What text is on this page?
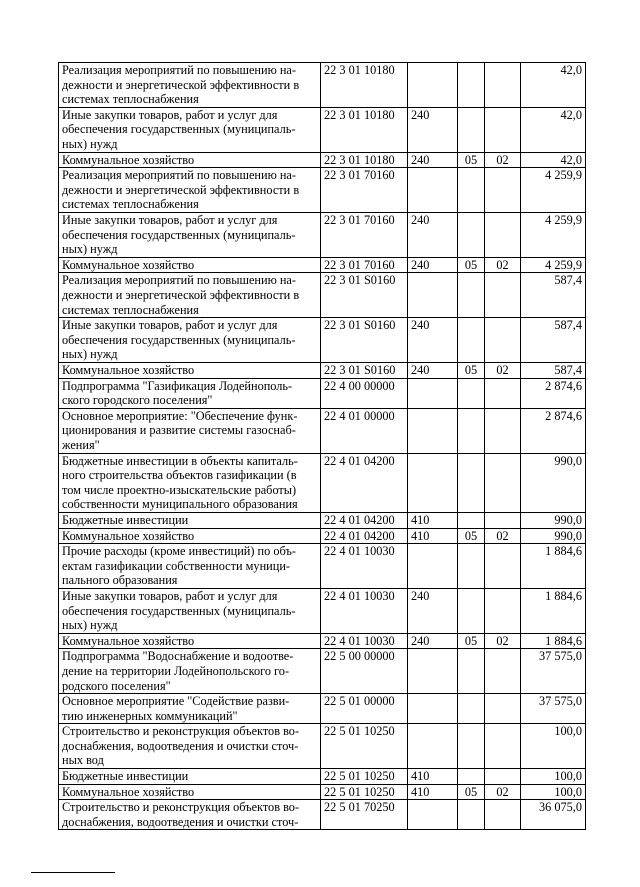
Реализация мероприятий по повышению на-
дежности и энергетической эффективности в
системах теплоснабжения	22 3 01 10180				42,0
Иные закупки товаров, работ и услуг для
обеспечения государственных (муниципаль-
ных) нужд	22 3 01 10180	240			42,0
Коммунальное хозяйство	22 3 01 10180	240	05	02	42,0
Реализация мероприятий по повышению на-
дежности и энергетической эффективности в
системах теплоснабжения	22 3 01 70160				4 259,9
Иные закупки товаров, работ и услуг для
обеспечения государственных (муниципаль-
ных) нужд	22 3 01 70160	240			4 259,9
Коммунальное хозяйство	22 3 01 70160	240	05	02	4 259,9
Реализация мероприятий по повышению на-
дежности и энергетической эффективности в
системах теплоснабжения	22 3 01 S0160				587,4
Иные закупки товаров, работ и услуг для
обеспечения государственных (муниципаль-
ных) нужд	22 3 01 S0160	240			587,4
Коммунальное хозяйство	22 3 01 S0160	240	05	02	587,4
Подпрограмма "Газификация Лодейнополь-
ского городского поселения"	22 4 00 00000				2 874,6
Основное мероприятие: "Обеспечение функ-
ционирования и развитие системы газоснаб-
жения"	22 4 01 00000				2 874,6
Бюджетные инвестиции в объекты капиталь-
ного строительства объектов газификации (в
том числе проектно-изыскательские работы)
собственности муниципального образования	22 4 01 04200				990,0
Бюджетные инвестиции	22 4 01 04200	410			990,0
Коммунальное хозяйство	22 4 01 04200	410	05	02	990,0
Прочие расходы (кроме инвестиций) по объ-
ектам газификации собственности муници-
пального образования	22 4 01 10030				1 884,6
Иные закупки товаров, работ и услуг для
обеспечения государственных (муниципаль-
ных) нужд	22 4 01 10030	240			1 884,6
Коммунальное хозяйство	22 4 01 10030	240	05	02	1 884,6
Подпрограмма "Водоснабжение и водоотве-
дение на территории Лодейнопольского го-
родского поселения"	22 5 00 00000				37 575,0
Основное мероприятие "Содействие разви-
тию инженерных коммуникаций"	22 5 01 00000				37 575,0
Строительство и реконструкция объектов во-
доснабжения, водоотведения и очистки сточ-
ных вод	22 5 01 10250				100,0
Бюджетные инвестиции	22 5 01 10250	410			100,0
Коммунальное хозяйство	22 5 01 10250	410	05	02	100,0
Строительство и реконструкция объектов во-
доснабжения, водоотведения и очистки сточ-	22 5 01 70250				36 075,0
